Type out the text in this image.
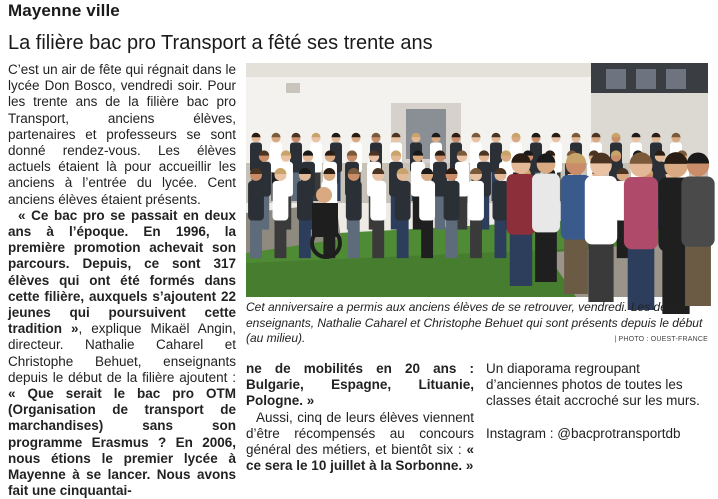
Mayenne ville
La filière bac pro Transport a fêté ses trente ans

C’est un air de fête qui régnait dans le lycée Don Bosco, vendredi soir. Pour les trente ans de la filière bac pro Transport, anciens élèves, partenaires et professeurs se sont donné rendez-vous. Les élèves actuels étaient là pour accueillir les anciens à l’entrée du lycée. Cent anciens élèves étaient présents.

« Ce bac pro se passait en deux ans à l’époque. En 1996, la première promotion achevait son parcours. Depuis, ce sont 317 élèves qui ont été formés dans cette filière, auxquels s’ajoutent 22 jeunes qui poursuivent cette tradition », explique Mikaël Angin, directeur. Nathalie Caharel et Christophe Behuet, enseignants depuis le début de la filière ajoutent : « Que serait le bac pro OTM (Organisation de transport de marchandises) sans son programme Erasmus ? En 2006, nous étions le premier lycée à Mayenne à se lancer. Nous avons fait une cinquantai-

ne de mobilités en 20 ans : Bulgarie, Espagne, Lituanie, Pologne. »

Aussi, cinq de leurs élèves viennent d’être récompensés au concours général des métiers, et bientôt six : « ce sera le 10 juillet à la Sorbonne. »

Un diaporama regroupant d’anciennes photos de toutes les classes était accroché sur les murs.

Instagram : @bacprotransportdb

Cet anniversaire a permis aux anciens élèves de se retrouver, vendredi. Les deux enseignants, Nathalie Caharel et Christophe Behuet qui sont présents depuis le début (au milieu).	| PHOTO : OUEST-FRANCE
